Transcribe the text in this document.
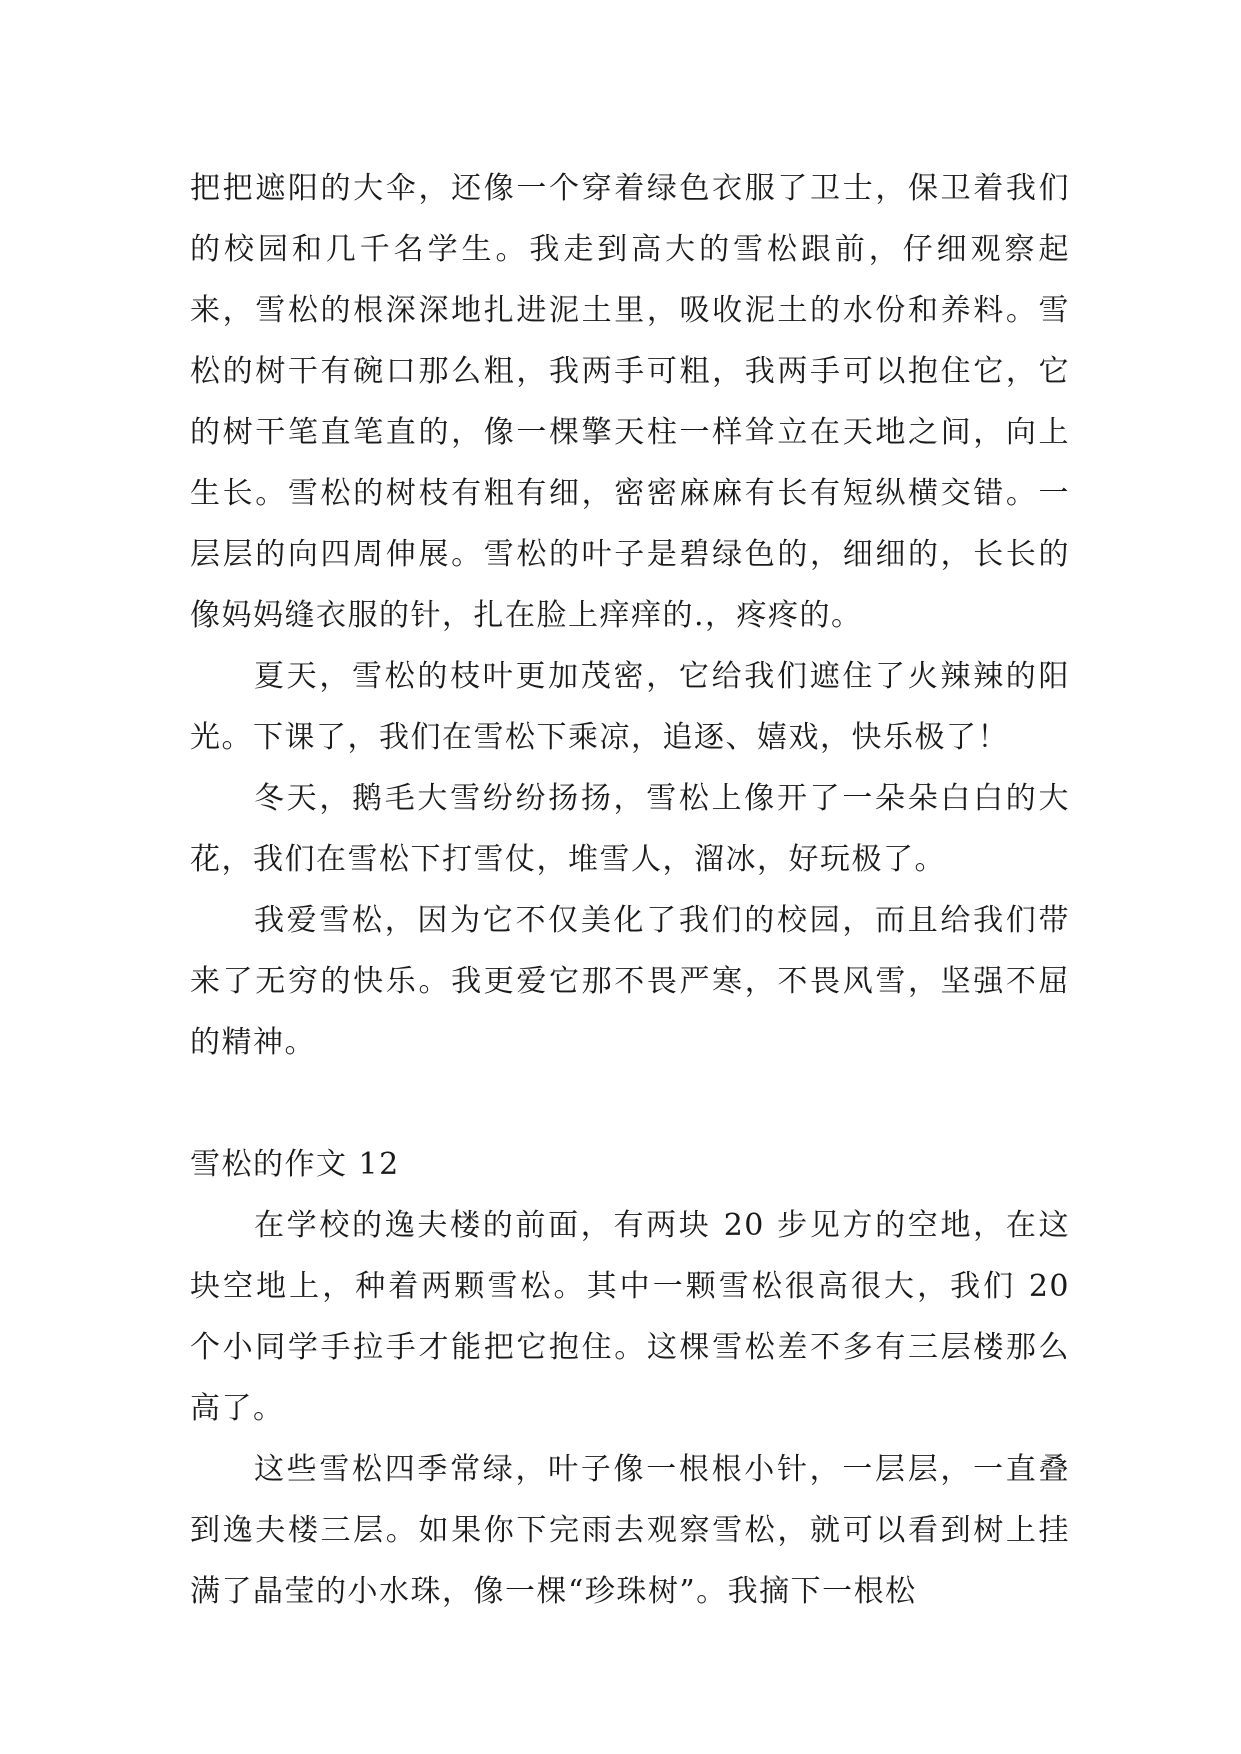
把把遮阳的大伞，还像一个穿着绿色衣服了卫士，保卫着我们的校园和几千名学生。我走到高大的雪松跟前，仔细观察起来，雪松的根深深地扎进泥土里，吸收泥土的水份和养料。雪松的树干有碗口那么粗，我两手可粗，我两手可以抱住它，它的树干笔直笔直的，像一棵擎天柱一样耸立在天地之间，向上生长。雪松的树枝有粗有细，密密麻麻有长有短纵横交错。一层层的向四周伸展。雪松的叶子是碧绿色的，细细的，长长的像妈妈缝衣服的针，扎在脸上痒痒的.，疼疼的。

夏天，雪松的枝叶更加茂密，它给我们遮住了火辣辣的阳光。下课了，我们在雪松下乘凉，追逐、嬉戏，快乐极了！

冬天，鹅毛大雪纷纷扬扬，雪松上像开了一朵朵白白的大花，我们在雪松下打雪仗，堆雪人，溜冰，好玩极了。

我爱雪松，因为它不仅美化了我们的校园，而且给我们带来了无穷的快乐。我更爱它那不畏严寒，不畏风雪，坚强不屈的精神。

雪松的作文 12

在学校的逸夫楼的前面，有两块 20 步见方的空地，在这块空地上，种着两颗雪松。其中一颗雪松很高很大，我们 20 个小同学手拉手才能把它抱住。这棵雪松差不多有三层楼那么高了。

这些雪松四季常绿，叶子像一根根小针，一层层，一直叠到逸夫楼三层。如果你下完雨去观察雪松，就可以看到树上挂满了晶莹的小水珠，像一棵“珍珠树”。我摘下一根松
